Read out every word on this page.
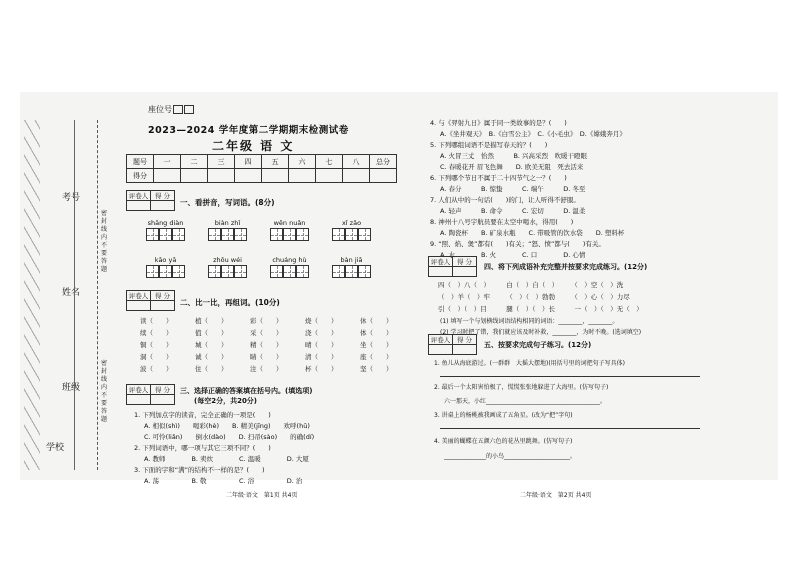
学校
班级
姓名
考号
密封线内不要答题
密封线内不要答题
座位号
2023—2024 学年度第二学期期末检测试卷
二年级 语 文
题号	一	二	三	四	五	六	七	八	总分
得分									
评卷人	得 分

一、看拼音，写词语。(8分)
shāng diàn	biàn zhǐ	wēn nuǎn	xǐ zǎo
kāo yā	zhōu wéi	chuáng hù	bàn jiā
评卷人	得 分

二、比一比，再组词。(10分)
读（　　）	植（　　）	彩（　　）	烧（　　）	休（　　）
续（　　）	值（　　）	采（　　）	浇（　　）	体（　　）
铜（　　）	城（　　）	精（　　）	晴（　　）	坐（　　）
洞（　　）	诚（　　）	睛（　　）	清（　　）	座（　　）
波（　　）	住（　　）	注（　　）	杯（　　）	坚（　　）
评卷人	得 分
	三、选择正确的答案填在括号内。(填选项)
(每空2分，共20分)
1. 下列加点字的读音，完全正确的一项是(　　)
A. 相似(shì)　　喝彩(hè)　　B. 精美(jīng)　　欢呼(hū)
C. 可怜(liǎn)　　倒水(dào)　　D. 扫帚(sào)　　的确(dí)
2. 下列词语中，哪一项与其它三项不同？(　　)
A. 教师　　　　B. 卖炊　　　　C. 温暖　　　　D. 大厦
3. 下面的字和“满”的结构不一样的是？(　　)
A. 荡　　　　　B. 敬　　　　　C. 浴　　　　　D. 治
二年级·语文　第1页 共4页
4. 与《羿射九日》属于同一类故事的是？(　　)
A.《坐井观天》　B.《白雪公主》　C.《小毛虫》　D.《嫦娥奔月》
5. 下列哪组词语不是描写春天的？(　　)
A. 火冒三丈　怡然　　　B. 兴高采烈　吹暖干瞪眼
C. 春暖花开 眉飞色舞　　D. 欧美无阻　死去活来
6. 下列哪个节日不属于二十四节气之一？(　　)
A. 春分　　　B. 惊蛰　　　C. 端午　　　D. 冬至
7. 人们从中的一句话(　　)的门，让人听得不舒服。
A. 轻声　　　B. 命令　　　C. 宏切　　　D. 温柔
8. 神州十八号宇航员要在太空中喝水，得用(　　)
A. 陶瓷杯　　B. 矿泉水瓶　　C. 带吸管的饮水袋　　D. 塑料杯
9. “照、焰、煲”都有(　　)有关；“怒、愤”都与(　　)有关。
A. 水　　　　B. 火　　　　C. 口　　　　D. 心情
评卷人	得 分

四、将下列成语补充完整并按要求完成练习。(12分)
四（　）八（　）　　　白（　）自（　）　　　（　）空（　）洗
（　）羊（　）牢　　　（　）（　）勃勃　　　（　）心（　）力尽
引（　）（　）目　　　腿（　）（　）长　　　一（　）（　）无（　）
(1) 填写一个与划横线词语结构相同的词语：________，________。
(2) 学习时把了错，我们就应该及时补救，________，为时不晚。(选词填空)
评卷人	得 分

五、按要求完成句子练习。(12分)
1. 鱼儿从海底游过。(一群群　大摇大摆地)(用括号里的词把句子写具体)
2. 最后一个太阳害怕极了，慌慌张张地躲进了大海里。(仿写句子)
六一那天，小红______________________________________。
3. 讲桌上的杨桃被我画成了五角星。(改为“把”字句)
4. 美丽的蝴蝶在五颜六色的花丛里跳舞。(仿写句子)
______________的小鸟______________________。
二年级·语文　第2页 共4页
